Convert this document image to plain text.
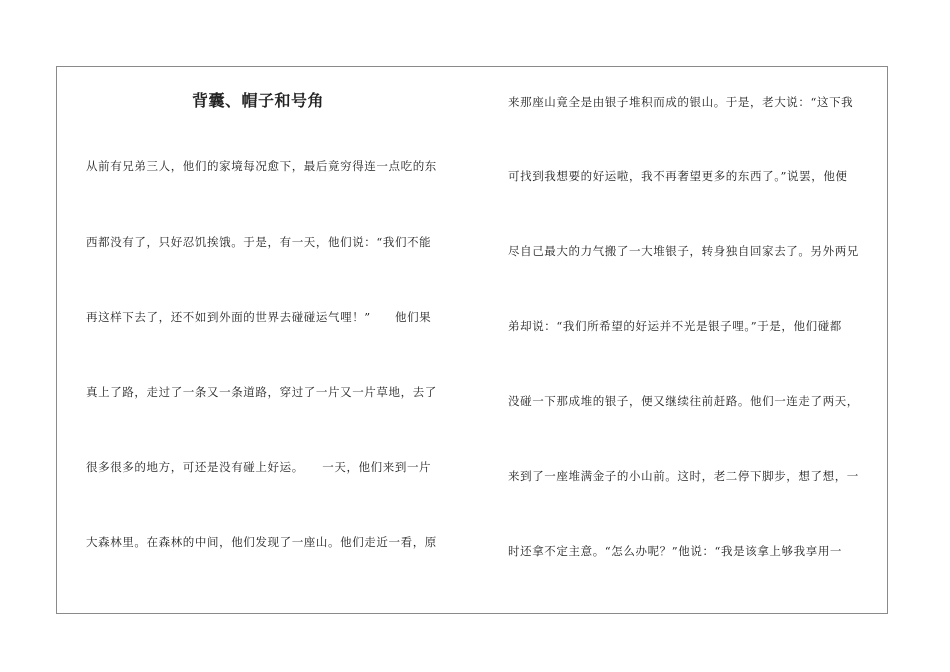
背囊、帽子和号角
从前有兄弟三人，他们的家境每况愈下，最后竟穷得连一点吃的东
西都没有了，只好忍饥挨饿。于是，有一天，他们说：“我们不能
再这样下去了，还不如到外面的世界去碰碰运气哩！”　　他们果
真上了路，走过了一条又一条道路，穿过了一片又一片草地，去了
很多很多的地方，可还是没有碰上好运。　　一天，他们来到一片
大森林里。在森林的中间，他们发现了一座山。他们走近一看，原
来那座山竟全是由银子堆积而成的银山。于是，老大说：“这下我
可找到我想要的好运啦，我不再奢望更多的东西了。”说罢，他便
尽自己最大的力气搬了一大堆银子，转身独自回家去了。另外两兄
弟却说：“我们所希望的好运并不光是银子哩。”于是，他们碰都
没碰一下那成堆的银子，便又继续往前赶路。他们一连走了两天，
来到了一座堆满金子的小山前。这时，老二停下脚步，想了想，一
时还拿不定主意。“怎么办呢？”他说：“我是该拿上够我享用一
